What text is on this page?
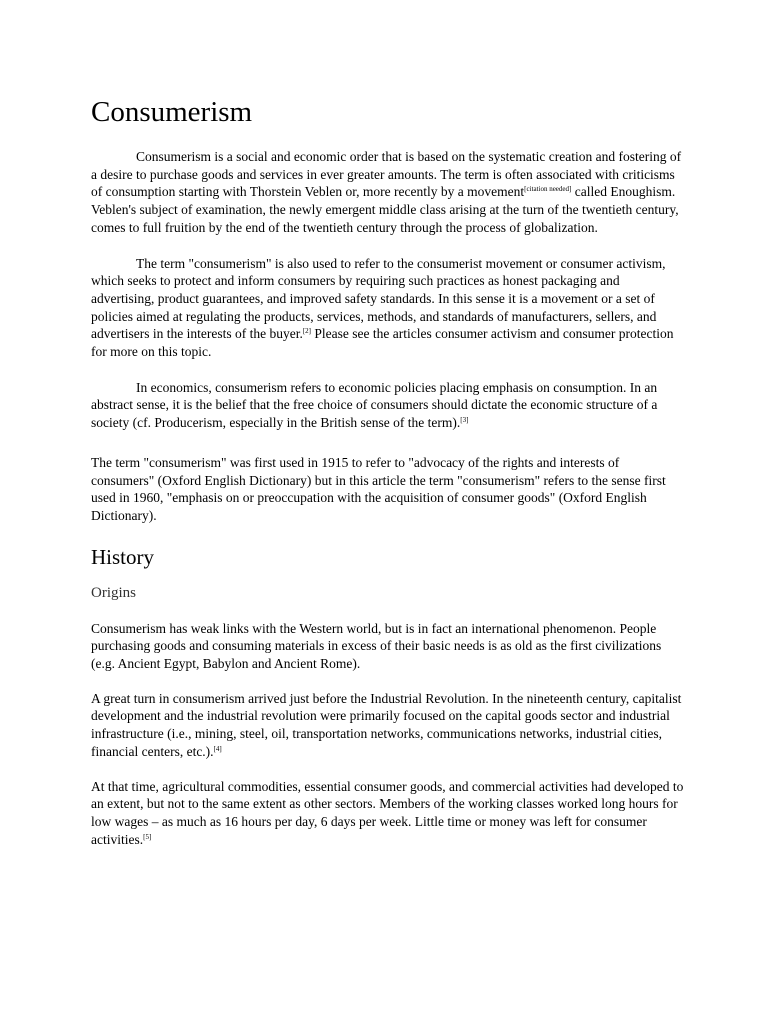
Consumerism

Consumerism is a social and economic order that is based on the systematic creation and fostering of a desire to purchase goods and services in ever greater amounts. The term is often associated with criticisms of consumption starting with Thorstein Veblen or, more recently by a movement[citation needed] called Enoughism. Veblen's subject of examination, the newly emergent middle class arising at the turn of the twentieth century, comes to full fruition by the end of the twentieth century through the process of globalization.

The term "consumerism" is also used to refer to the consumerist movement or consumer activism, which seeks to protect and inform consumers by requiring such practices as honest packaging and advertising, product guarantees, and improved safety standards. In this sense it is a movement or a set of policies aimed at regulating the products, services, methods, and standards of manufacturers, sellers, and advertisers in the interests of the buyer.[2] Please see the articles consumer activism and consumer protection for more on this topic.

In economics, consumerism refers to economic policies placing emphasis on consumption. In an abstract sense, it is the belief that the free choice of consumers should dictate the economic structure of a society (cf. Producerism, especially in the British sense of the term).[3]

The term "consumerism" was first used in 1915 to refer to "advocacy of the rights and interests of consumers" (Oxford English Dictionary) but in this article the term "consumerism" refers to the sense first used in 1960, "emphasis on or preoccupation with the acquisition of consumer goods" (Oxford English Dictionary).

History
Origins

Consumerism has weak links with the Western world, but is in fact an international phenomenon. People purchasing goods and consuming materials in excess of their basic needs is as old as the first civilizations (e.g. Ancient Egypt, Babylon and Ancient Rome).

A great turn in consumerism arrived just before the Industrial Revolution. In the nineteenth century, capitalist development and the industrial revolution were primarily focused on the capital goods sector and industrial infrastructure (i.e., mining, steel, oil, transportation networks, communications networks, industrial cities, financial centers, etc.).[4]

At that time, agricultural commodities, essential consumer goods, and commercial activities had developed to an extent, but not to the same extent as other sectors. Members of the working classes worked long hours for low wages – as much as 16 hours per day, 6 days per week. Little time or money was left for consumer activities.[5]
